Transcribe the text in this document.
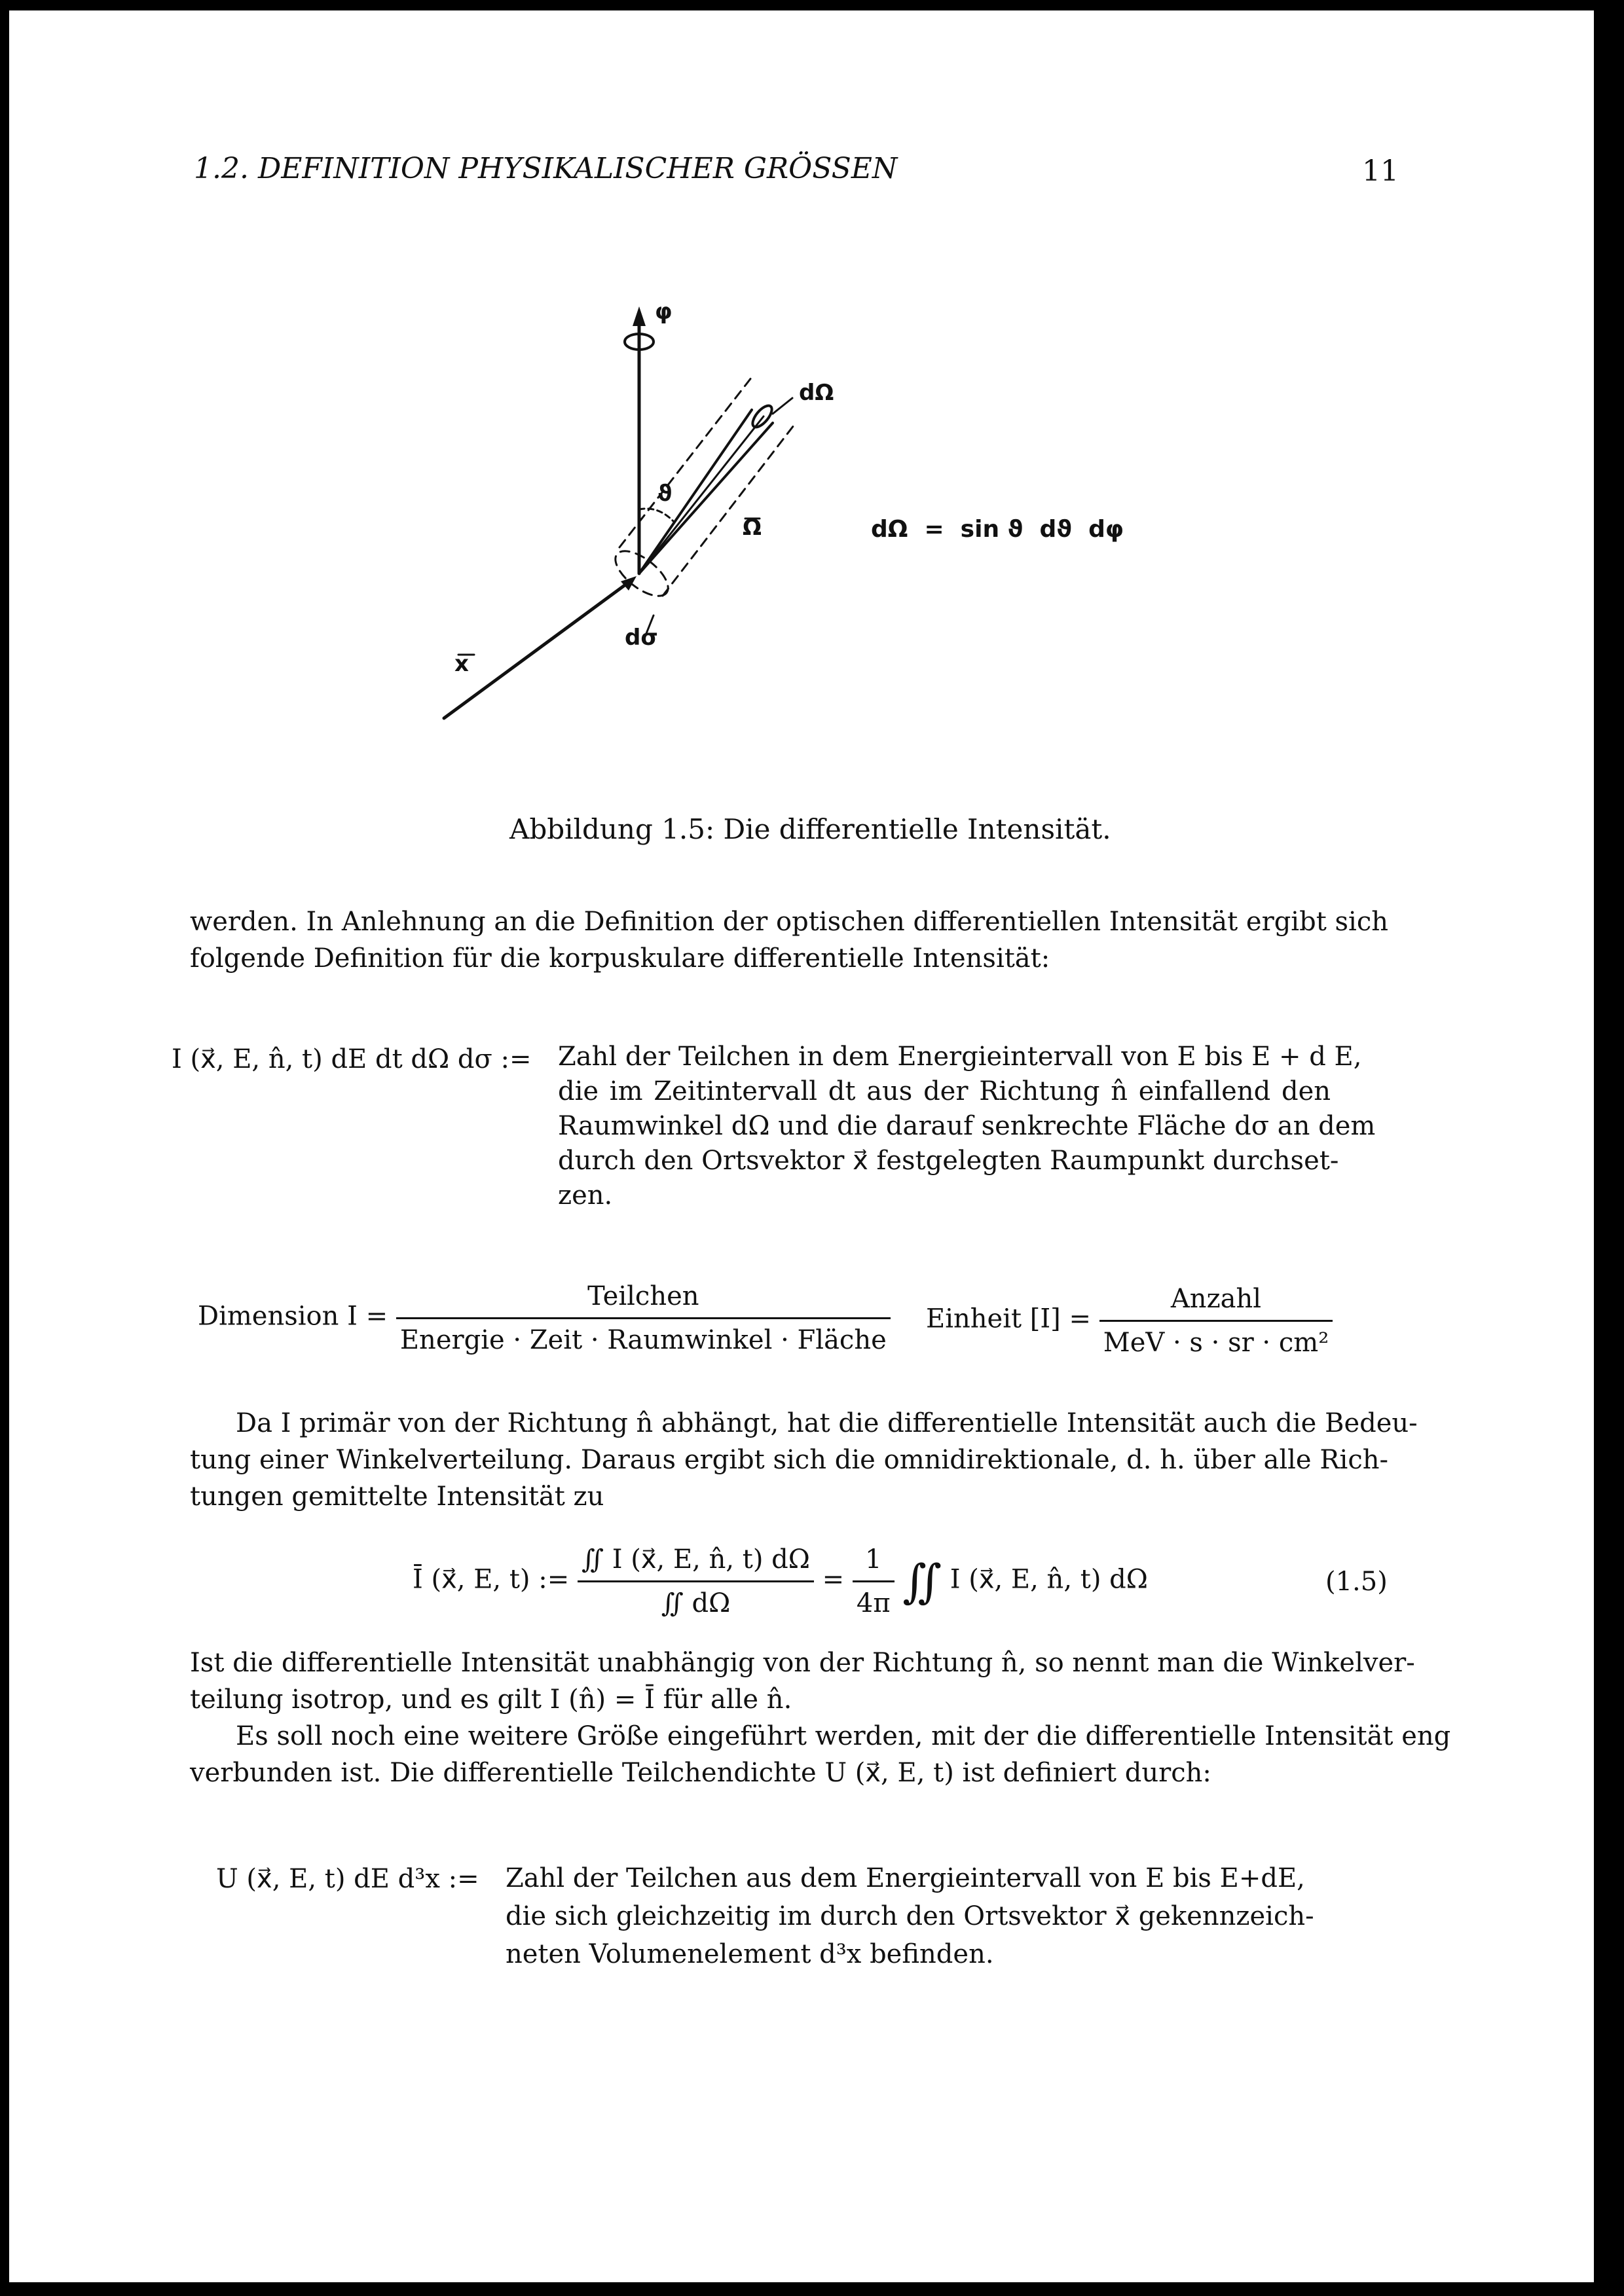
1.2. DEFINITION PHYSIKALISCHER GRÖSSEN	11
φ
dΩ
Ω
ϑ
dσ
x
dΩ  =  sin ϑ  dϑ  dφ
Abbildung 1.5: Die differentielle Intensität.
werden. In Anlehnung an die Definition der optischen differentiellen Intensität ergibt sich
folgende Definition für die korpuskulare differentielle Intensität:
I (x⃗, E, n̂, t) dE dt dΩ dσ := Zahl der Teilchen in dem Energieintervall von E bis E + d E,
die im Zeitintervall dt aus der Richtung n̂ einfallend den
Raumwinkel dΩ und die darauf senkrechte Fläche dσ an dem
durch den Ortsvektor x⃗ festgelegten Raumpunkt durchset-
zen.
Dimension $I = \frac{\text{Teilchen}}{\text{Energie · Zeit · Raumwinkel · Fläche}}$ Einheit $[I] = \frac{\text{Anzahl}}{\text{MeV · s · sr · cm²}}$
Da I primär von der Richtung n̂ abhängt, hat die differentielle Intensität auch die Bedeu-
tung einer Winkelverteilung. Daraus ergibt sich die omnidirektionale, d. h. über alle Rich-
tungen gemittelte Intensität zu
Ī (x⃗, E, t) := $\frac{∬ I (x⃗, E, n̂, t) d\Omega}{∬ d\Omega} = \frac{1}{4\pi}$ ∬ I (x⃗, E, n̂, t) dΩ	(1.5)
Ist die differentielle Intensität unabhängig von der Richtung n̂, so nennt man die Winkelver-
teilung isotrop, und es gilt I (n̂) = Ī für alle n̂.
Es soll noch eine weitere Größe eingeführt werden, mit der die differentielle Intensität eng
verbunden ist. Die differentielle Teilchendichte U (x⃗, E, t) ist definiert durch:
U (x⃗, E, t) dE d³x := Zahl der Teilchen aus dem Energieintervall von E bis E+dE,
die sich gleichzeitig im durch den Ortsvektor x⃗ gekennzeich-
neten Volumenelement d³x befinden.
